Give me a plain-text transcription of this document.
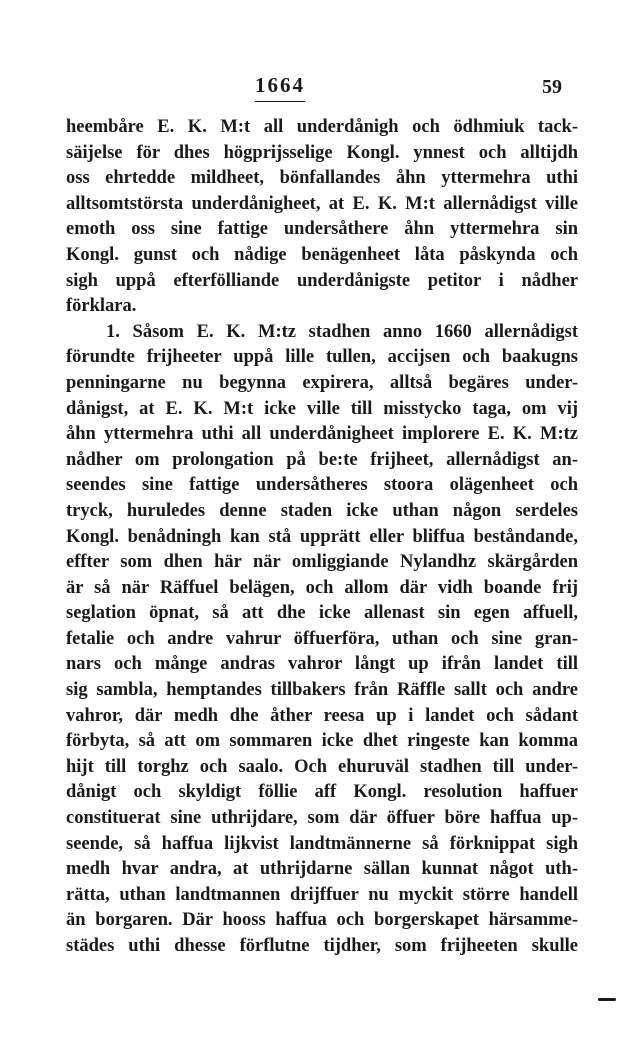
1664	59
heembåre E. K. M:t all underdånigh och ödhmiuk tack-
säijelse för dhes högprijsselige Kongl. ynnest och alltijdh
oss ehrtedde mildheet, bönfallandes åhn yttermehra uthi
alltsomtstörsta underdånigheet, at E. K. M:t allernådigst ville
emoth oss sine fattige undersåthere åhn yttermehra sin
Kongl. gunst och nådige benägenheet låta påskynda och
sigh uppå efterfölliande underdånigste petitor i nådher
förklara.
1. Såsom E. K. M:tz stadhen anno 1660 allernådigst
förundte frijheeter uppå lille tullen, accijsen och baakugns
penningarne nu begynna expirera, alltså begäres under-
dånigst, at E. K. M:t icke ville till misstycko taga, om vij
åhn yttermehra uthi all underdånigheet implorere E. K. M:tz
nådher om prolongation på be:te frijheet, allernådigst an-
seendes sine fattige undersåtheres stoora olägenheet och
tryck, huruledes denne staden icke uthan någon serdeles
Kongl. benådningh kan stå upprätt eller bliffua beståndande,
effter som dhen här när omliggiande Nylandhz skärgården
är så när Räffuel belägen, och allom där vidh boande frij
seglation öpnat, så att dhe icke allenast sin egen affuell,
fetalie och andre vahrur öffuerföra, uthan och sine gran-
nars och månge andras vahror långt up ifrån landet till
sig sambla, hemptandes tillbakers från Räffle sallt och andre
vahror, där medh dhe åther reesa up i landet och sådant
förbyta, så att om sommaren icke dhet ringeste kan komma
hijt till torghz och saalo. Och ehuruväl stadhen till under-
dånigt och skyldigt föllie aff Kongl. resolution haffuer
constituerat sine uthrijdare, som där öffuer böre haffua up-
seende, så haffua lijkvist landtmännerne så förknippat sigh
medh hvar andra, at uthrijdarne sällan kunnat något uth-
rätta, uthan landtmannen drijffuer nu myckit större handell
än borgaren. Där hooss haffua och borgerskapet härsamme-
städes uthi dhesse förflutne tijdher, som frijheeten skulle
